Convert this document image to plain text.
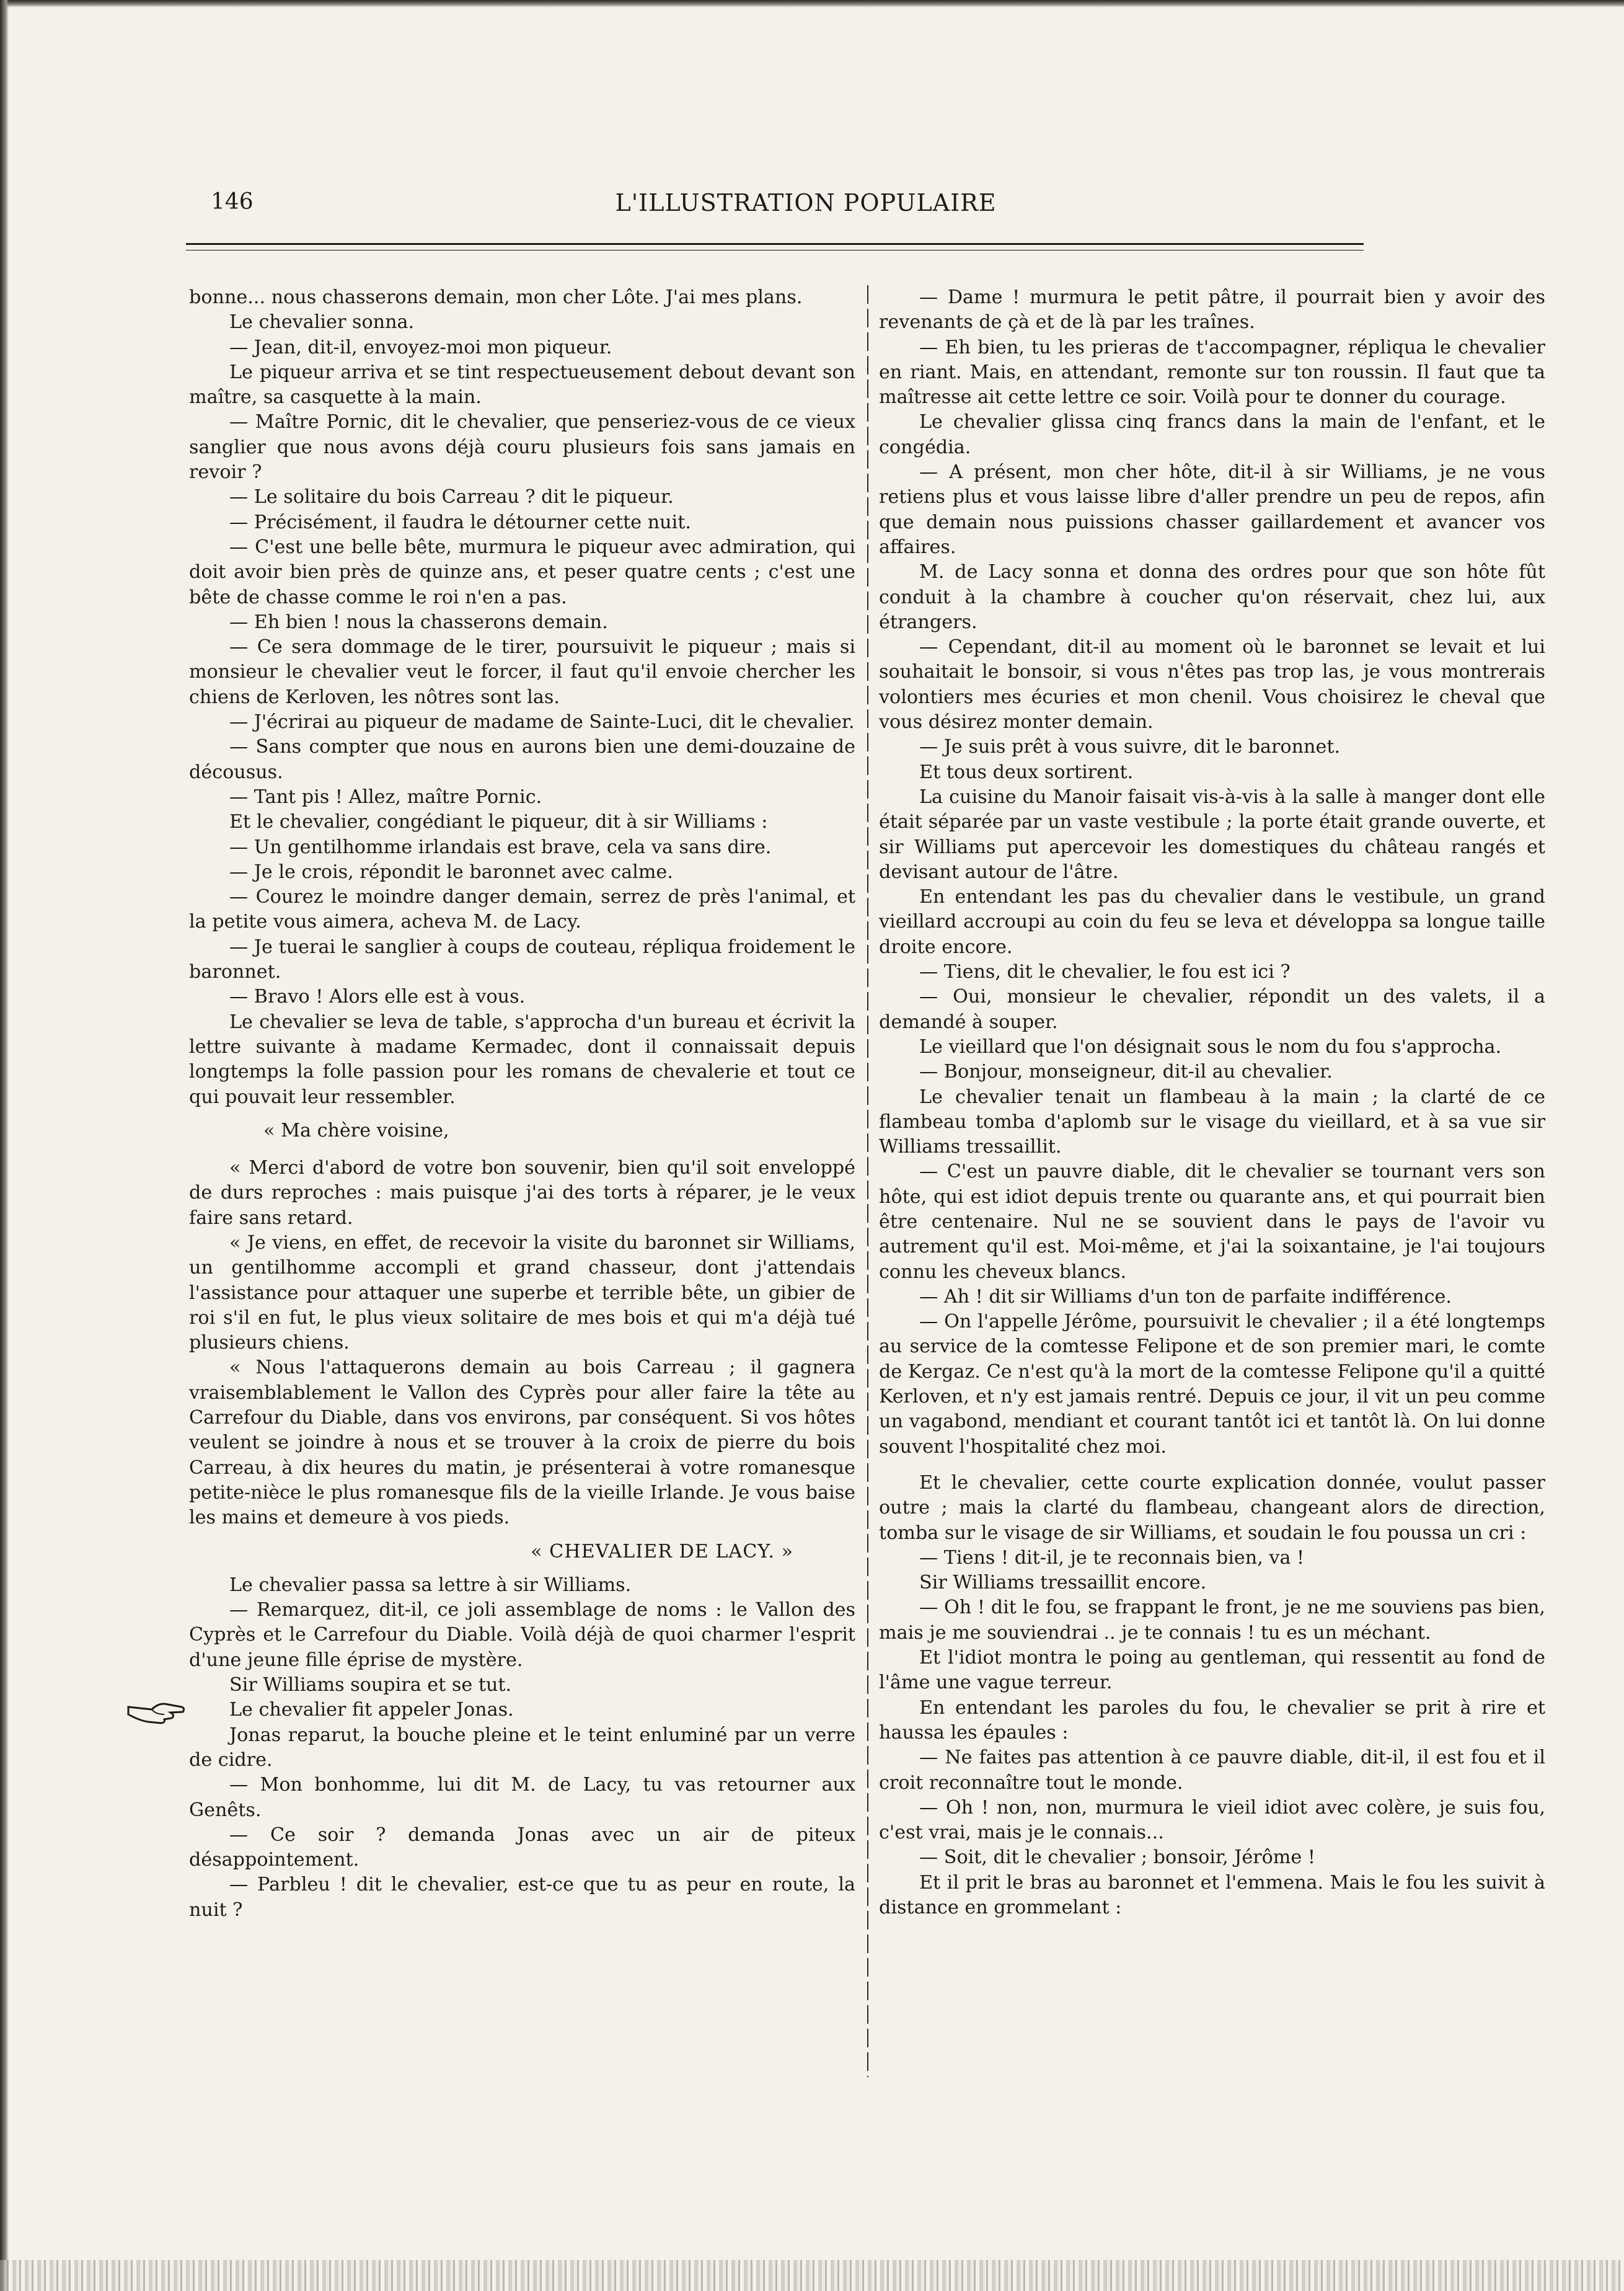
L'ILLUSTRATION POPULAIRE
146

bonne... nous chasserons demain, mon cher Lôte. J'ai mes plans.

Le chevalier sonna.

— Jean, dit-il, envoyez-moi mon piqueur.

Le piqueur arriva et se tint respectueusement debout devant son maître, sa casquette à la main.

— Maître Pornic, dit le chevalier, que penseriez-vous de ce vieux sanglier que nous avons déjà couru plusieurs fois sans jamais en revoir ?

— Le solitaire du bois Carreau ? dit le piqueur.

— Précisément, il faudra le détourner cette nuit.

— C'est une belle bête, murmura le piqueur avec admiration, qui doit avoir bien près de quinze ans, et peser quatre cents ; c'est une bête de chasse comme le roi n'en a pas.

— Eh bien ! nous la chasserons demain.

— Ce sera dommage de le tirer, poursuivit le piqueur ; mais si monsieur le chevalier veut le forcer, il faut qu'il envoie chercher les chiens de Kerloven, les nôtres sont las.

— J'écrirai au piqueur de madame de Sainte-Luci, dit le chevalier.

— Sans compter que nous en aurons bien une demi-douzaine de décousus.

— Tant pis ! Allez, maître Pornic.

Et le chevalier, congédiant le piqueur, dit à sir Williams :

— Un gentilhomme irlandais est brave, cela va sans dire.

— Je le crois, répondit le baronnet avec calme.

— Courez le moindre danger demain, serrez de près l'animal, et la petite vous aimera, acheva M. de Lacy.

— Je tuerai le sanglier à coups de couteau, répliqua froidement le baronnet.

— Bravo ! Alors elle est à vous.

Le chevalier se leva de table, s'approcha d'un bureau et écrivit la lettre suivante à madame Kermadec, dont il connaissait depuis longtemps la folle passion pour les romans de chevalerie et tout ce qui pouvait leur ressembler.

« Ma chère voisine,

« Merci d'abord de votre bon souvenir, bien qu'il soit enveloppé de durs reproches : mais puisque j'ai des torts à réparer, je le veux faire sans retard.

« Je viens, en effet, de recevoir la visite du baronnet sir Williams, un gentilhomme accompli et grand chasseur, dont j'attendais l'assistance pour attaquer une superbe et terrible bête, un gibier de roi s'il en fut, le plus vieux solitaire de mes bois et qui m'a déjà tué plusieurs chiens.

« Nous l'attaquerons demain au bois Carreau ; il gagnera vraisemblablement le Vallon des Cyprès pour aller faire la tête au Carrefour du Diable, dans vos environs, par conséquent. Si vos hôtes veulent se joindre à nous et se trouver à la croix de pierre du bois Carreau, à dix heures du matin, je présenterai à votre romanesque petite-nièce le plus romanesque fils de la vieille Irlande. Je vous baise les mains et demeure à vos pieds.

« CHEVALIER DE LACY. »

Le chevalier passa sa lettre à sir Williams.

— Remarquez, dit-il, ce joli assemblage de noms : le Vallon des Cyprès et le Carrefour du Diable. Voilà déjà de quoi charmer l'esprit d'une jeune fille éprise de mystère.

Sir Williams soupira et se tut.

Le chevalier fit appeler Jonas.

Jonas reparut, la bouche pleine et le teint enluminé par un verre de cidre.

— Mon bonhomme, lui dit M. de Lacy, tu vas retourner aux Genêts.

— Ce soir ? demanda Jonas avec un air de piteux désappointement.

— Parbleu ! dit le chevalier, est-ce que tu as peur en route, la nuit ?

— Dame ! murmura le petit pâtre, il pourrait bien y avoir des revenants de çà et de là par les traînes.

— Eh bien, tu les prieras de t'accompagner, répliqua le chevalier en riant. Mais, en attendant, remonte sur ton roussin. Il faut que ta maîtresse ait cette lettre ce soir. Voilà pour te donner du courage.

Le chevalier glissa cinq francs dans la main de l'enfant, et le congédia.

— A présent, mon cher hôte, dit-il à sir Williams, je ne vous retiens plus et vous laisse libre d'aller prendre un peu de repos, afin que demain nous puissions chasser gaillardement et avancer vos affaires.

M. de Lacy sonna et donna des ordres pour que son hôte fût conduit à la chambre à coucher qu'on réservait, chez lui, aux étrangers.

— Cependant, dit-il au moment où le baronnet se levait et lui souhaitait le bonsoir, si vous n'êtes pas trop las, je vous montrerais volontiers mes écuries et mon chenil. Vous choisirez le cheval que vous désirez monter demain.

— Je suis prêt à vous suivre, dit le baronnet.

Et tous deux sortirent.

La cuisine du Manoir faisait vis-à-vis à la salle à manger dont elle était séparée par un vaste vestibule ; la porte était grande ouverte, et sir Williams put apercevoir les domestiques du château rangés et devisant autour de l'âtre.

En entendant les pas du chevalier dans le vestibule, un grand vieillard accroupi au coin du feu se leva et développa sa longue taille droite encore.

— Tiens, dit le chevalier, le fou est ici ?

— Oui, monsieur le chevalier, répondit un des valets, il a demandé à souper.

Le vieillard que l'on désignait sous le nom du fou s'approcha.

— Bonjour, monseigneur, dit-il au chevalier.

Le chevalier tenait un flambeau à la main ; la clarté de ce flambeau tomba d'aplomb sur le visage du vieillard, et à sa vue sir Williams tressaillit.

— C'est un pauvre diable, dit le chevalier se tournant vers son hôte, qui est idiot depuis trente ou quarante ans, et qui pourrait bien être centenaire. Nul ne se souvient dans le pays de l'avoir vu autrement qu'il est. Moi-même, et j'ai la soixantaine, je l'ai toujours connu les cheveux blancs.

— Ah ! dit sir Williams d'un ton de parfaite indifférence.

— On l'appelle Jérôme, poursuivit le chevalier ; il a été longtemps au service de la comtesse Felipone et de son premier mari, le comte de Kergaz. Ce n'est qu'à la mort de la comtesse Felipone qu'il a quitté Kerloven, et n'y est jamais rentré. Depuis ce jour, il vit un peu comme un vagabond, mendiant et courant tantôt ici et tantôt là. On lui donne souvent l'hospitalité chez moi.

Et le chevalier, cette courte explication donnée, voulut passer outre ; mais la clarté du flambeau, changeant alors de direction, tomba sur le visage de sir Williams, et soudain le fou poussa un cri :

— Tiens ! dit-il, je te reconnais bien, va !

Sir Williams tressaillit encore.

— Oh ! dit le fou, se frappant le front, je ne me souviens pas bien, mais je me souviendrai .. je te connais ! tu es un méchant.

Et l'idiot montra le poing au gentleman, qui ressentit au fond de l'âme une vague terreur.

En entendant les paroles du fou, le chevalier se prit à rire et haussa les épaules :

— Ne faites pas attention à ce pauvre diable, dit-il, il est fou et il croit reconnaître tout le monde.

— Oh ! non, non, murmura le vieil idiot avec colère, je suis fou, c'est vrai, mais je le connais...

— Soit, dit le chevalier ; bonsoir, Jérôme !

Et il prit le bras au baronnet et l'emmena. Mais le fou les suivit à distance en grommelant :
